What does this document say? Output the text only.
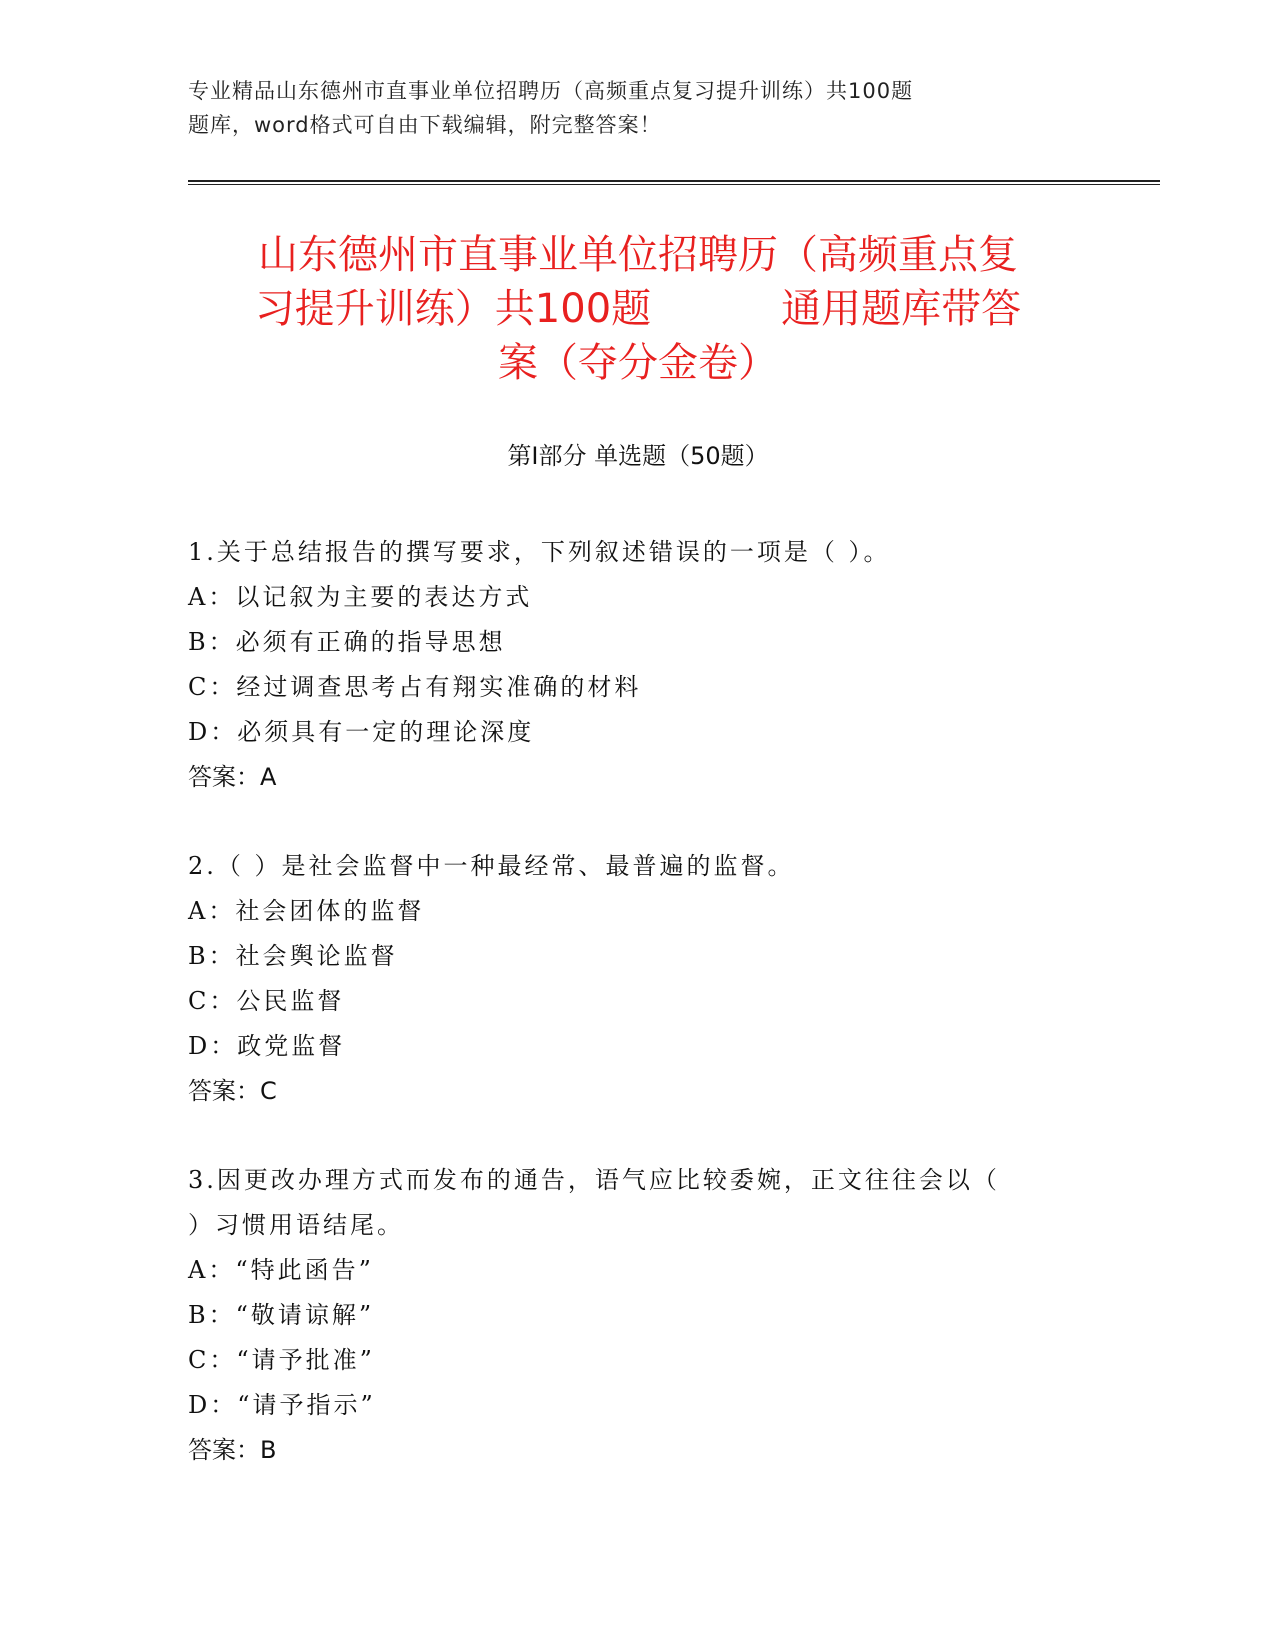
专业精品山东德州市直事业单位招聘历（高频重点复习提升训练）共100题
题库，word格式可自由下载编辑，附完整答案！
山东德州市直事业单位招聘历（高频重点复
习提升训练）共100题	通用题库带答
案（夺分金卷）
第I部分 单选题（50题）
1.关于总结报告的撰写要求，下列叙述错误的一项是（ ）。
A：以记叙为主要的表达方式
B：必须有正确的指导思想
C：经过调查思考占有翔实准确的材料
D：必须具有一定的理论深度
答案：A
2.（ ）是社会监督中一种最经常、最普遍的监督。
A：社会团体的监督
B：社会舆论监督
C：公民监督
D：政党监督
答案：C
3.因更改办理方式而发布的通告，语气应比较委婉，正文往往会以（
）习惯用语结尾。
A：“特此函告”
B：“敬请谅解”
C：“请予批准”
D：“请予指示”
答案：B
